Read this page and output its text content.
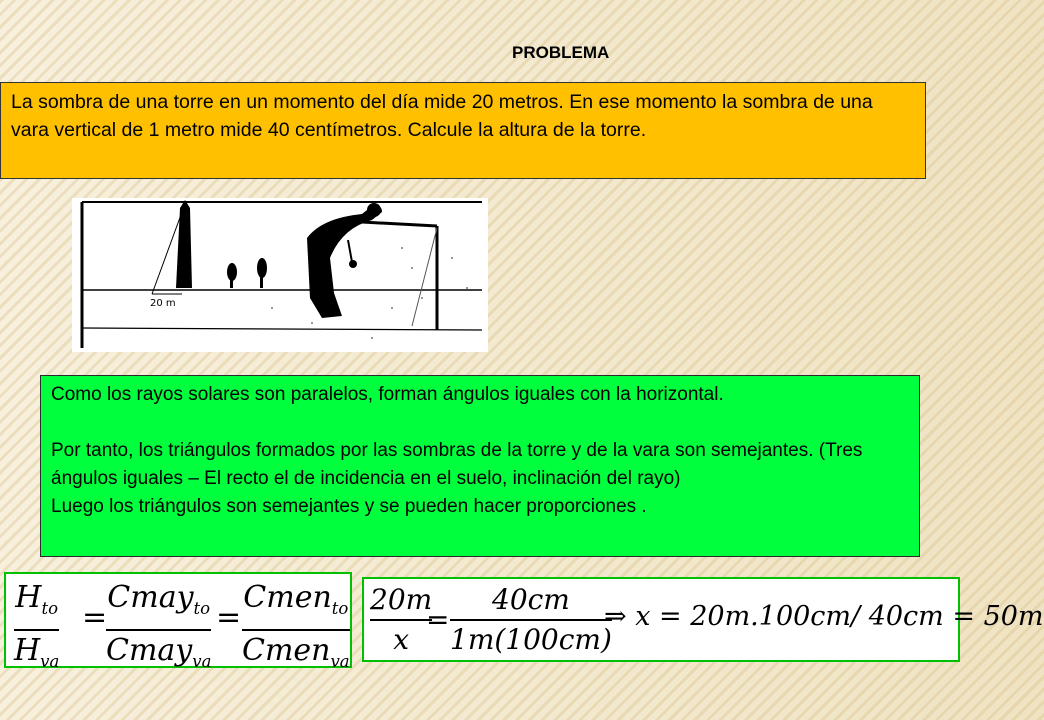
PROBLEMA
La sombra de una torre en un momento del día mide 20 metros. En ese momento la sombra de una vara vertical de 1 metro mide 40 centímetros. Calcule la altura de la torre.
20 m

Como los rayos solares son paralelos, forman ángulos iguales con la horizontal.

Por tanto, los triángulos formados por las sombras de la torre y de la vara son semejantes. (Tres ángulos iguales – El recto el de incidencia en el suelo, inclinación del rayo)

Luego los triángulos son semejantes y se pueden hacer proporciones .

$H_{to}$
$H_{va}$
=
Cmay$_{to}$
Cmay$_{va}$
=
Cmen$_{to}$
Cmen$_{va}$
20m
x
=
40cm
1m(100cm)
⇒ x = 20m.100cm/ 40cm = 50m
